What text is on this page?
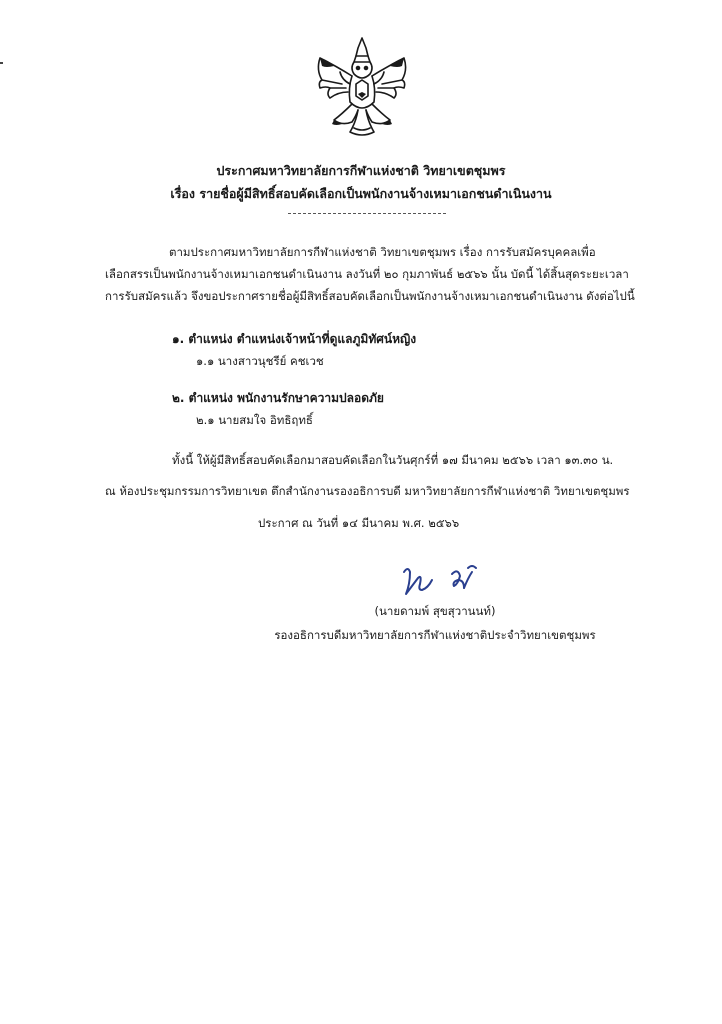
ประกาศมหาวิทยาลัยการกีฬาแห่งชาติ วิทยาเขตชุมพร
เรื่อง รายชื่อผู้มีสิทธิ์สอบคัดเลือกเป็นพนักงานจ้างเหมาเอกชนดำเนินงาน
ตามประกาศมหาวิทยาลัยการกีฬาแห่งชาติ วิทยาเขตชุมพร เรื่อง การรับสมัครบุคคลเพื่อ
เลือกสรรเป็นพนักงานจ้างเหมาเอกชนดำเนินงาน ลงวันที่ ๒๐ กุมภาพันธ์ ๒๕๖๖ นั้น บัดนี้ ได้สิ้นสุดระยะเวลา
การรับสมัครแล้ว จึงขอประกาศรายชื่อผู้มีสิทธิ์สอบคัดเลือกเป็นพนักงานจ้างเหมาเอกชนดำเนินงาน ดังต่อไปนี้
๑. ตำแหน่ง ตำแหน่งเจ้าหน้าที่ดูแลภูมิทัศน์หญิง
๑.๑ นางสาวนุชรีย์ คชเวช
๒. ตำแหน่ง พนักงานรักษาความปลอดภัย
๒.๑ นายสมใจ อิทธิฤทธิ์
ทั้งนี้ ให้ผู้มีสิทธิ์สอบคัดเลือกมาสอบคัดเลือกในวันศุกร์ที่ ๑๗ มีนาคม ๒๕๖๖ เวลา ๑๓.๓๐ น.
ณ ห้องประชุมกรรมการวิทยาเขต ตึกสำนักงานรองอธิการบดี มหาวิทยาลัยการกีฬาแห่งชาติ วิทยาเขตชุมพร
ประกาศ ณ วันที่ ๑๔ มีนาคม พ.ศ. ๒๕๖๖
(นายดามพ์ สุขสุวานนท์)
รองอธิการบดีมหาวิทยาลัยการกีฬาแห่งชาติประจำวิทยาเขตชุมพร
